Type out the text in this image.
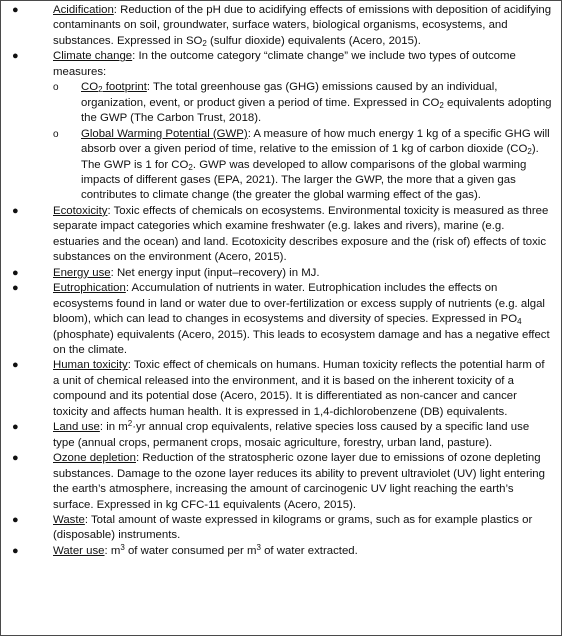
●	Acidification: Reduction of the pH due to acidifying effects of emissions with deposition of acidifying contaminants on soil, groundwater, surface waters, biological organisms, ecosystems, and substances. Expressed in $SO_2$ (sulfur dioxide) equivalents (Acero, 2015).
●	Climate change: In the outcome category “climate change” we include two types of outcome measures:
o $CO_2$ footprint: The total greenhouse gas (GHG) emissions caused by an individual, organization, event, or product given a period of time. Expressed in $CO_2$ equivalents adopting the GWP (The Carbon Trust, 2018).
o Global Warming Potential (GWP): A measure of how much energy 1 kg of a specific GHG will absorb over a given period of time, relative to the emission of 1 kg of carbon dioxide $(CO_2)$. The GWP is 1 for $CO_2$. GWP was developed to allow comparisons of the global warming impacts of different gases (EPA, 2021). The larger the GWP, the more that a given gas contributes to climate change (the greater the global warming effect of the gas).
●	Ecotoxicity: Toxic effects of chemicals on ecosystems. Environmental toxicity is measured as three separate impact categories which examine freshwater (e.g. lakes and rivers), marine (e.g. estuaries and the ocean) and land. Ecotoxicity describes exposure and the (risk of) effects of toxic substances on the environment (Acero, 2015).
●	Energy use: Net energy input (input–recovery) in MJ.
●	Eutrophication: Accumulation of nutrients in water. Eutrophication includes the effects on ecosystems found in land or water due to over-fertilization or excess supply of nutrients (e.g. algal bloom), which can lead to changes in ecosystems and diversity of species. Expressed in $PO_4$ (phosphate) equivalents (Acero, 2015). This leads to ecosystem damage and has a negative effect on the climate.
●	Human toxicity: Toxic effect of chemicals on humans. Human toxicity reflects the potential harm of a unit of chemical released into the environment, and it is based on the inherent toxicity of a compound and its potential dose (Acero, 2015). It is differentiated as non-cancer and cancer toxicity and affects human health. It is expressed in 1,4-dichlorobenzene (DB) equivalents.
●	Land use: in $m^2\cdot yr$ annual crop equivalents, relative species loss caused by a specific land use type (annual crops, permanent crops, mosaic agriculture, forestry, urban land, pasture).
●	Ozone depletion: Reduction of the stratospheric ozone layer due to emissions of ozone depleting substances. Damage to the ozone layer reduces its ability to prevent ultraviolet (UV) light entering the earth’s atmosphere, increasing the amount of carcinogenic UV light reaching the earth’s surface. Expressed in kg CFC-11 equivalents (Acero, 2015).
●	Waste: Total amount of waste expressed in kilograms or grams, such as for example plastics or (disposable) instruments.
●	Water use: $m^3$ of water consumed per $m^3$ of water extracted.
